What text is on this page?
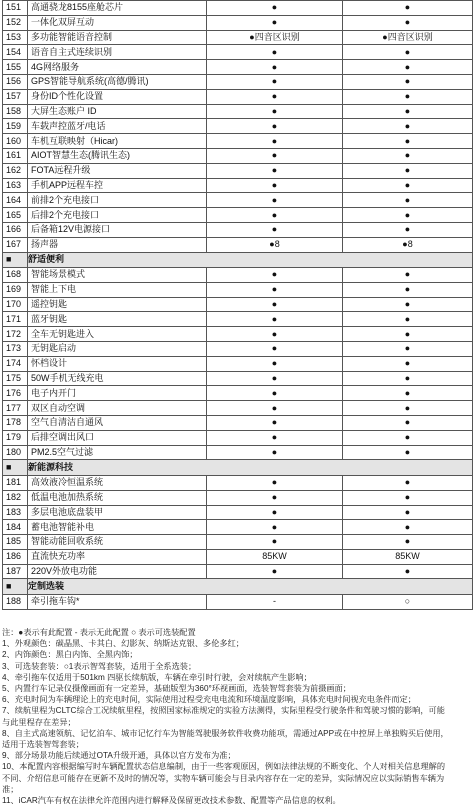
151	高通骁龙8155座舱芯片	●	●
152	一体化双屏互动	●	●
153	多功能智能语音控制	●四音区识别	●四音区识别
154	语音自主式连续识别	●	●
155	4G网络服务	●	●
156	GPS智能导航系统(高德/腾讯)	●	●
157	身份ID个性化设置	●	●
158	大屏生态账户 ID	●	●
159	车载声控蓝牙/电话	●	●
160	车机互联映射（Hicar)	●	●
161	AIOT智慧生态(腾讯生态)	●	●
162	FOTA远程升级	●	●
163	手机APP远程车控	●	●
164	前排2个充电接口	●	●
165	后排2个充电接口	●	●
166	后备箱12V电源接口	●	●
167	扬声器	●8	●8
■	舒适便利		
168	智能场景模式	●	●
169	智能上下电	●	●
170	遥控钥匙	●	●
171	蓝牙钥匙	●	●
172	全车无钥匙进入	●	●
173	无钥匙启动	●	●
174	怀档设计	●	●
175	50W手机无线充电	●	●
176	电子内开门	●	●
177	双区自动空调	●	●
178	空气自清洁自通风	●	●
179	后排空调出风口	●	●
180	PM2.5空气过滤	●	●
■	新能源科技		
181	高效液冷恒温系统	●	●
182	低温电池加热系统	●	●
183	多层电池底盘装甲	●	●
184	蓄电池智能补电	●	●
185	智能动能回收系统	●	●
186	直流快充功率	85KW	85KW
187	220V外放电功能	●	●
■	定制选装		
188	牵引拖车钩*	-	○
注：●表示有此配置 - 表示无此配置 ○ 表示可选装配置
1、外观颜色：碳晶黑、卡其白、幻影灰、纳斯达克银、多伦多红；
2、内饰颜色：黑白内饰、全黑内饰；
3、可选装套装：○1表示智驾套装，适用于全系选装；
4、牵引拖车仅适用于501km 四驱长续航版，车辆在牵引时行驶，会对续航产生影响；
5、内置行车记录仪摄像画面有一定差异，基础版型为360°环视画面，选装智驾套装为前摄画面；
6、充电时间为车辆理论上的充电时间，实际使用过程受充电电流和环境温度影响，具体充电时间视充电条件而定；
7、续航里程为CLTC综合工况续航里程，按照国家标准规定的实验方法测得，实际里程受行驶条件和驾驶习惯的影响，可能
与此里程存在差异；
8、自主式高速领航、记忆泊车、城市记忆行车为智能驾驶服务软件收费功能项，需通过APP或在中控屏上单独购买后使用，
适用于选装智驾套装；
9、部分场景功能后续通过OTA升级开通，具体以官方发布为准；
10、本配置内容根据编写时车辆配置状态信息编制，由于一些客观原因，例如法律法规的不断变化、个人对相关信息理解的
不同、介绍信息可能存在更新不及时的情况等，实物车辆可能会与目录内容存在一定的差异，实际情况应以实际销售车辆为
准；
11、iCAR汽车有权在法律允许范围内进行解释及保留更改技术参数、配置等产品信息的权利。
